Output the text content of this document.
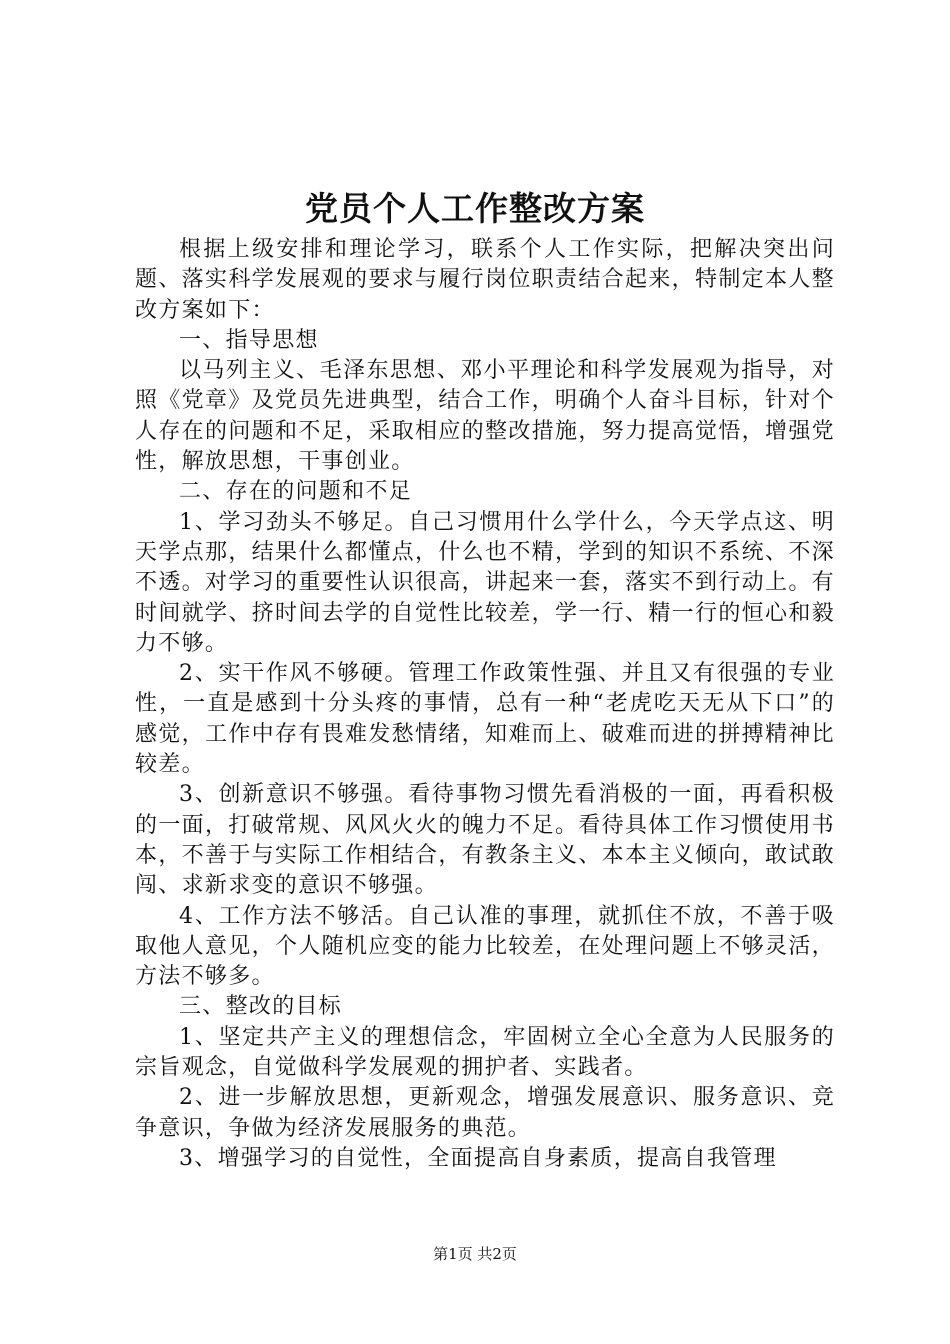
党员个人工作整改方案

根据上级安排和理论学习，联系个人工作实际，把解决突出问题、落实科学发展观的要求与履行岗位职责结合起来，特制定本人整改方案如下：

一、指导思想

以马列主义、毛泽东思想、邓小平理论和科学发展观为指导，对照《党章》及党员先进典型，结合工作，明确个人奋斗目标，针对个人存在的问题和不足，采取相应的整改措施，努力提高觉悟，增强党性，解放思想，干事创业。

二、存在的问题和不足

1、学习劲头不够足。自己习惯用什么学什么，今天学点这、明天学点那，结果什么都懂点，什么也不精，学到的知识不系统、不深不透。对学习的重要性认识很高，讲起来一套，落实不到行动上。有时间就学、挤时间去学的自觉性比较差，学一行、精一行的恒心和毅力不够。

2、实干作风不够硬。管理工作政策性强、并且又有很强的专业性，一直是感到十分头疼的事情，总有一种“老虎吃天无从下口”的感觉，工作中存有畏难发愁情绪，知难而上、破难而进的拼搏精神比较差。

3、创新意识不够强。看待事物习惯先看消极的一面，再看积极的一面，打破常规、风风火火的魄力不足。看待具体工作习惯使用书本，不善于与实际工作相结合，有教条主义、本本主义倾向，敢试敢闯、求新求变的意识不够强。

4、工作方法不够活。自己认准的事理，就抓住不放，不善于吸取他人意见，个人随机应变的能力比较差，在处理问题上不够灵活，方法不够多。

三、整改的目标

1、坚定共产主义的理想信念，牢固树立全心全意为人民服务的宗旨观念，自觉做科学发展观的拥护者、实践者。

2、进一步解放思想，更新观念，增强发展意识、服务意识、竞争意识，争做为经济发展服务的典范。

3、增强学习的自觉性，全面提高自身素质，提高自我管理

第1页 共2页
